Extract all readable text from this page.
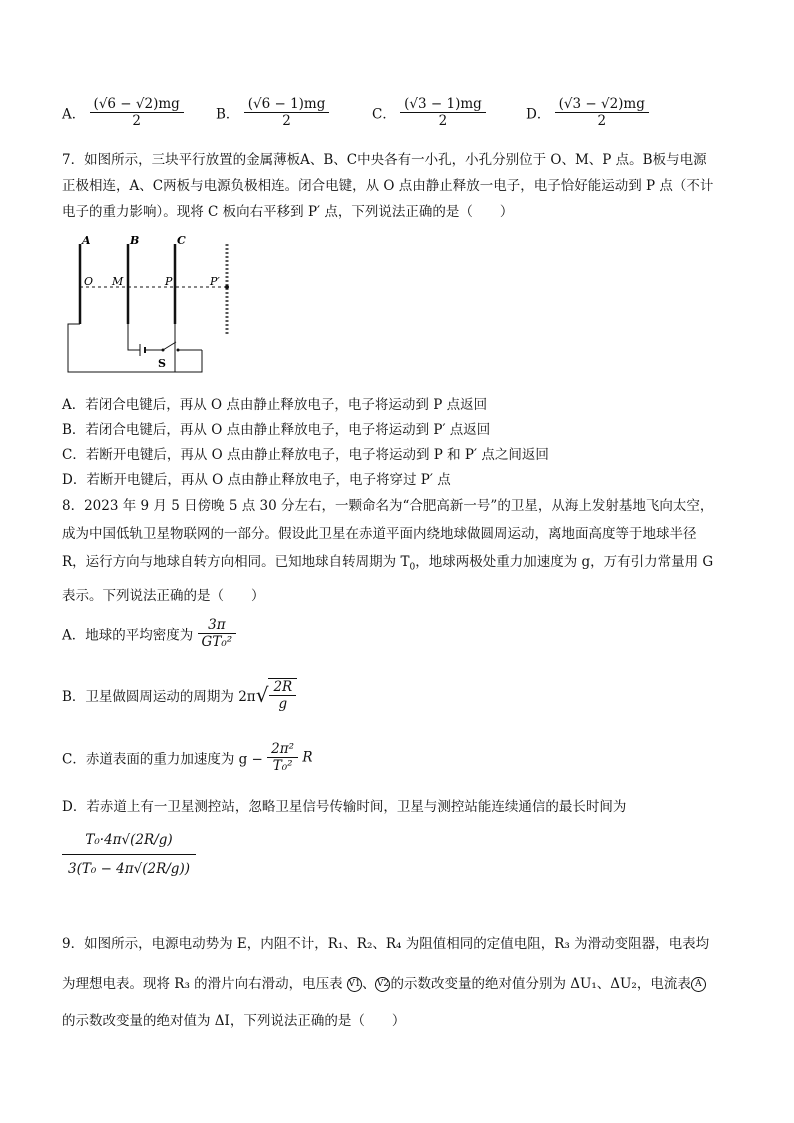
A． $\frac{(√6 - √2)mg}{2}$ B． $\frac{(√6 - 1)mg}{2}$	C． $\frac{(√3 - 1)mg}{2}$	D． $\frac{(√3 - √2)mg}{2}$
7．如图所示，三块平行放置的金属薄板A、B、C中央各有一小孔，小孔分别位于 O、M、P 点。B板与电源
正极相连，A、C两板与电源负极相连。闭合电键，从 O 点由静止释放一电子，电子恰好能运动到 P 点（不计
电子的重力影响）。现将 C 板向右平移到 P′ 点，下列说法正确的是（　　）
A	B	C
O M	P	P′
S
A．若闭合电键后，再从 O 点由静止释放电子，电子将运动到 P 点返回
B．若闭合电键后，再从 O 点由静止释放电子，电子将运动到 P′ 点返回
C．若断开电键后，再从 O 点由静止释放电子，电子将运动到 P 和 P′ 点之间返回
D．若断开电键后，再从 O 点由静止释放电子，电子将穿过 P′ 点
8．2023 年 9 月 5 日傍晚 5 点 30 分左右，一颗命名为“合肥高新一号”的卫星，从海上发射基地飞向太空，
成为中国低轨卫星物联网的一部分。假设此卫星在赤道平面内绕地球做圆周运动，离地面高度等于地球半径
R，运行方向与地球自转方向相同。已知地球自转周期为 $T_0$，地球两极处重力加速度为 g，万有引力常量用 G
表示。下列说法正确的是（　　）
A．地球的平均密度为 $\frac{3\pi}{\text{GT₀²}}$
B．卫星做圆周运动的周期为 $2\pi√ \frac{2R}{g}$
C．赤道表面的重力加速度为 $g - \frac{\text{2π²}}{\text{T₀²}}$ R
D．若赤道上有一卫星测控站，忽略卫星信号传输时间，卫星与测控站能连续通信的最长时间为
$\frac{\text{T₀·4π√(2R/g)}}{\text{3(T₀ − 4π√(2R/g))}}$
9．如图所示，电源电动势为 E，内阻不计，R₁、R₂、R₄ 为阻值相同的定值电阻，R₃ 为滑动变阻器，电表均
为理想电表。现将 R₃ 的滑片向右滑动，电压表 V1、V2的示数改变量的绝对值分别为 ΔU₁、ΔU₂，电流表 A
的示数改变量的绝对值为 ΔI，下列说法正确的是（　　）
